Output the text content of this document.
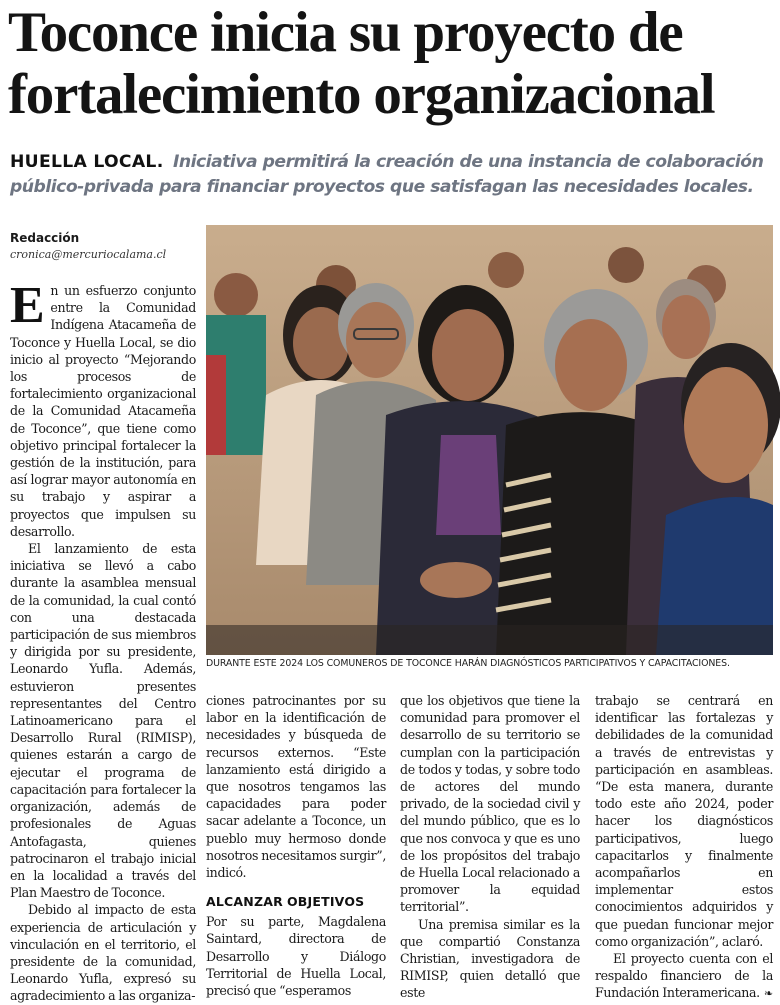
Toconce inicia su proyecto de fortalecimiento organizacional

HUELLA LOCAL. Iniciativa permitirá la creación de una instancia de colaboración público-privada para financiar proyectos que satisfagan las necesidades locales.

Redacción
cronica@mercuriocalama.cl
DURANTE ESTE 2024 LOS COMUNEROS DE TOCONCE HARÁN DIAGNÓSTICOS PARTICIPATIVOS Y CAPACITACIONES.

En un esfuerzo conjunto entre la Comunidad Indígena Atacameña de Toconce y Huella Local, se dio inicio al proyecto “Mejorando los procesos de fortalecimiento organizacional de la Comunidad Atacameña de Toconce”, que tiene como objetivo principal fortalecer la gestión de la institución, para así lograr mayor autonomía en su trabajo y aspirar a proyectos que impulsen su desarrollo.

El lanzamiento de esta iniciativa se llevó a cabo durante la asamblea mensual de la comunidad, la cual contó con una destacada participación de sus miembros y dirigida por su presidente, Leonardo Yufla. Además, estuvieron presentes representantes del Centro Latinoamericano para el Desarrollo Rural (RIMISP), quienes estarán a cargo de ejecutar el programa de capacitación para fortalecer la organización, además de profesionales de Aguas Antofagasta, quienes patrocinaron el trabajo inicial en la localidad a través del Plan Maestro de Toconce.

Debido al impacto de esta experiencia de articulación y vinculación en el territorio, el presidente de la comunidad, Leonardo Yufla, expresó su agradecimiento a las organiza-

ciones patrocinantes por su labor en la identificación de necesidades y búsqueda de recursos externos. “Este lanzamiento está dirigido a que nosotros tengamos las capacidades para poder sacar adelante a Toconce, un pueblo muy hermoso donde nosotros necesitamos surgir”, indicó.

ALCANZAR OBJETIVOS

Por su parte, Magdalena Saintard, directora de Desarrollo y Diálogo Territorial de Huella Local, precisó que “esperamos

que los objetivos que tiene la comunidad para promover el desarrollo de su territorio se cumplan con la participación de todos y todas, y sobre todo de actores del mundo privado, de la sociedad civil y del mundo público, que es lo que nos convoca y que es uno de los propósitos del trabajo de Huella Local relacionado a promover la equidad territorial”.

Una premisa similar es la que compartió Constanza Christian, investigadora de RIMISP, quien detalló que este

trabajo se centrará en identificar las fortalezas y debilidades de la comunidad a través de entrevistas y participación en asambleas. “De esta manera, durante todo este año 2024, poder hacer los diagnósticos participativos, luego capacitarlos y finalmente acompañarlos en implementar estos conocimientos adquiridos y que puedan funcionar mejor como organización”, aclaró.

El proyecto cuenta con el respaldo financiero de la Fundación Interamericana. ❧
